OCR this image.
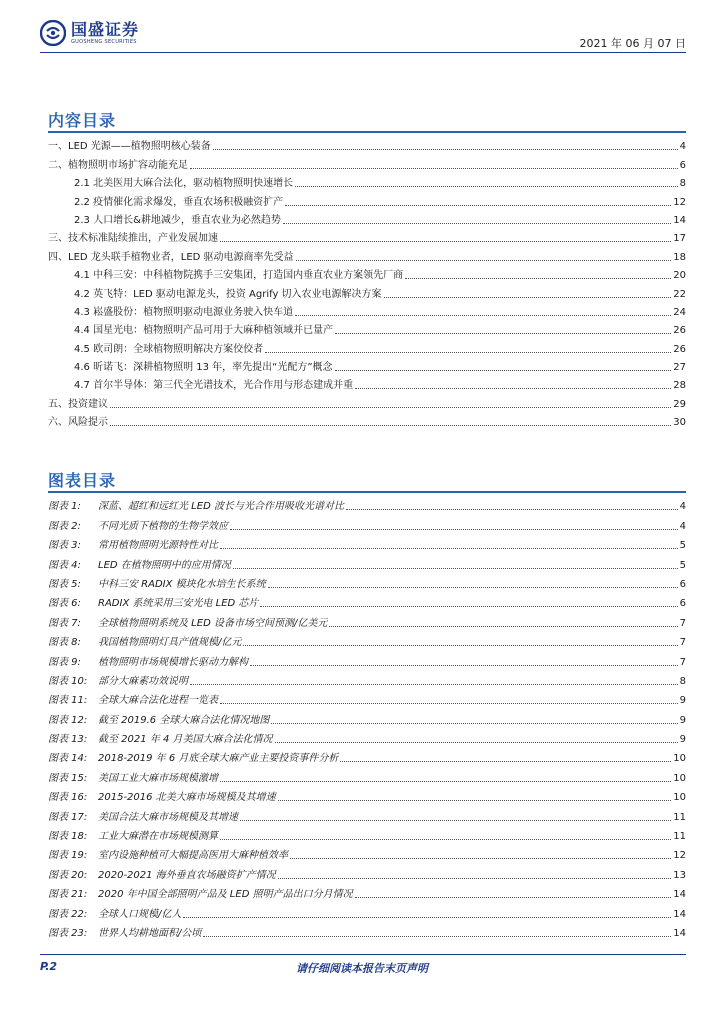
国盛证券
GUOSHENG SECURITIES	2021 年 06 月 07 日
内容目录
一、LED 光源——植物照明核心装备	4
二、植物照明市场扩容动能充足	6
2.1 北美医用大麻合法化，驱动植物照明快速增长	8
2.2 疫情催化需求爆发，垂直农场积极融资扩产	12
2.3 人口增长&耕地减少，垂直农业为必然趋势	14
三、技术标准陆续推出，产业发展加速	17
四、LED 龙头联手植物业者，LED 驱动电源商率先受益	18
4.1 中科三安：中科植物院携手三安集团，打造国内垂直农业方案领先厂商	20
4.2 英飞特：LED 驱动电源龙头，投资 Agrify 切入农业电源解决方案	22
4.3 崧盛股份：植物照明驱动电源业务驶入快车道	24
4.4 国星光电：植物照明产品可用于大麻种植领域并已量产	26
4.5 欧司朗：全球植物照明解决方案佼佼者	26
4.6 昕诺飞：深耕植物照明 13 年，率先提出“光配方”概念	27
4.7 首尔半导体：第三代全光谱技术，光合作用与形态建成并重	28
五、投资建议	29
六、风险提示	30
图表目录
图表 1:	深蓝、超红和远红光 LED 波长与光合作用吸收光谱对比	4
图表 2:	不同光质下植物的生物学效应	4
图表 3:	常用植物照明光源特性对比	5
图表 4:	LED 在植物照明中的应用情况	5
图表 5:	中科三安 RADIX 模块化水培生长系统	6
图表 6:	RADIX 系统采用三安光电 LED 芯片	6
图表 7:	全球植物照明系统及 LED 设备市场空间预测/亿美元	7
图表 8:	我国植物照明灯具产值规模/亿元	7
图表 9:	植物照明市场规模增长驱动力解构	7
图表 10:	部分大麻素功效说明	8
图表 11:	全球大麻合法化进程一览表	9
图表 12:	截至 2019.6 全球大麻合法化情况地图	9
图表 13:	截至 2021 年 4 月美国大麻合法化情况	9
图表 14:	2018-2019 年 6 月底全球大麻产业主要投资事件分析	10
图表 15:	美国工业大麻市场规模激增	10
图表 16:	2015-2016 北美大麻市场规模及其增速	10
图表 17:	美国合法大麻市场规模及其增速	11
图表 18:	工业大麻潜在市场规模测算	11
图表 19:	室内设施种植可大幅提高医用大麻种植效率	12
图表 20:	2020-2021 海外垂直农场融资扩产情况	13
图表 21:	2020 年中国全部照明产品及 LED 照明产品出口分月情况	14
图表 22:	全球人口规模/亿人	14
图表 23:	世界人均耕地面积/公顷	14
请仔细阅读本报告末页声明
P.2
